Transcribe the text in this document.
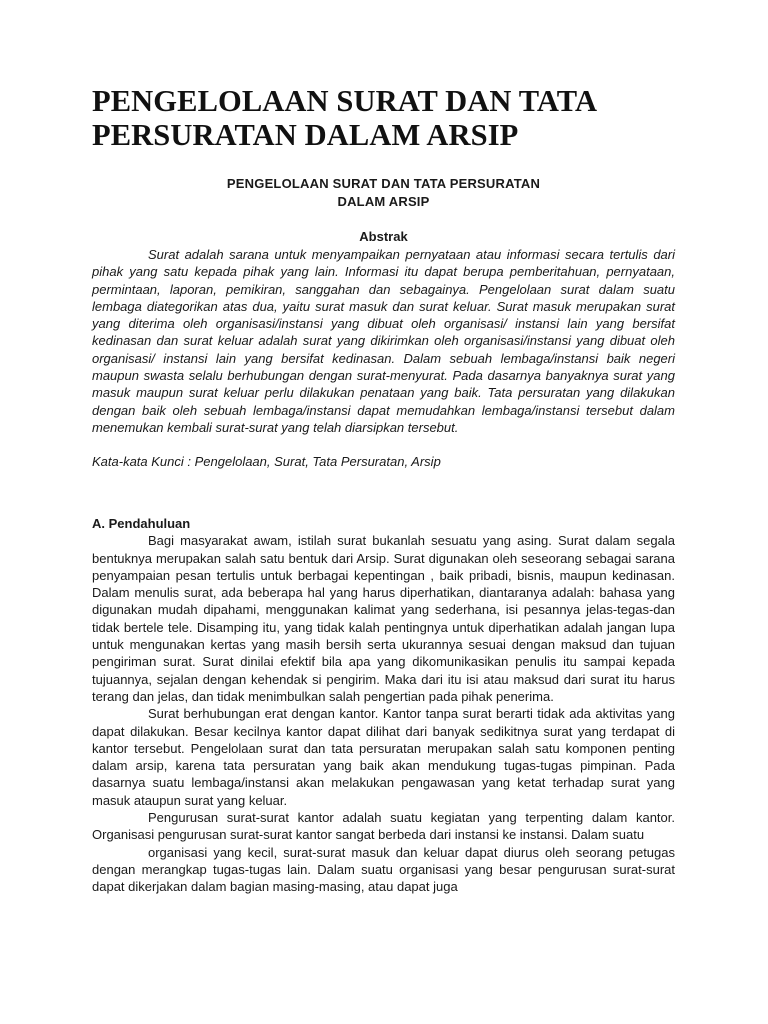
PENGELOLAAN SURAT DAN TATA
PERSURATAN DALAM ARSIP
PENGELOLAAN SURAT DAN TATA PERSURATAN
DALAM ARSIP
Abstrak

Surat adalah sarana untuk menyampaikan pernyataan atau informasi secara tertulis dari pihak yang satu kepada pihak yang lain. Informasi itu dapat berupa pemberitahuan, pernyataan, permintaan, laporan, pemikiran, sanggahan dan sebagainya. Pengelolaan surat dalam suatu lembaga diategorikan atas dua, yaitu surat masuk dan surat keluar. Surat masuk merupakan surat yang diterima oleh organisasi/instansi yang dibuat oleh organisasi/ instansi lain yang bersifat kedinasan dan surat keluar adalah surat yang dikirimkan oleh organisasi/instansi yang dibuat oleh organisasi/ instansi lain yang bersifat kedinasan. Dalam sebuah lembaga/instansi baik negeri maupun swasta selalu berhubungan dengan surat-menyurat. Pada dasarnya banyaknya surat yang masuk maupun surat keluar perlu dilakukan penataan yang baik. Tata persuratan yang dilakukan dengan baik oleh sebuah lembaga/instansi dapat memudahkan lembaga/instansi tersebut dalam menemukan kembali surat-surat yang telah diarsipkan tersebut.

Kata-kata Kunci : Pengelolaan, Surat, Tata Persuratan, Arsip

A. Pendahuluan

Bagi masyarakat awam, istilah surat bukanlah sesuatu yang asing. Surat dalam segala bentuknya merupakan salah satu bentuk dari Arsip. Surat digunakan oleh seseorang sebagai sarana penyampaian pesan tertulis untuk berbagai kepentingan , baik pribadi, bisnis, maupun kedinasan. Dalam menulis surat, ada beberapa hal yang harus diperhatikan, diantaranya adalah: bahasa yang digunakan mudah dipahami, menggunakan kalimat yang sederhana, isi pesannya jelas-tegas-dan tidak bertele tele. Disamping itu, yang tidak kalah pentingnya untuk diperhatikan adalah jangan lupa untuk mengunakan kertas yang masih bersih serta ukurannya sesuai dengan maksud dan tujuan pengiriman surat. Surat dinilai efektif bila apa yang dikomunikasikan penulis itu sampai kepada tujuannya, sejalan dengan kehendak si pengirim. Maka dari itu isi atau maksud dari surat itu harus terang dan jelas, dan tidak menimbulkan salah pengertian pada pihak penerima.

Surat berhubungan erat dengan kantor. Kantor tanpa surat berarti tidak ada aktivitas yang dapat dilakukan. Besar kecilnya kantor dapat dilihat dari banyak sedikitnya surat yang terdapat di kantor tersebut. Pengelolaan surat dan tata persuratan merupakan salah satu komponen penting dalam arsip, karena tata persuratan yang baik akan mendukung tugas-tugas pimpinan. Pada dasarnya suatu lembaga/instansi akan melakukan pengawasan yang ketat terhadap surat yang masuk ataupun surat yang keluar.

Pengurusan surat-surat kantor adalah suatu kegiatan yang terpenting dalam kantor. Organisasi pengurusan surat-surat kantor sangat berbeda dari instansi ke instansi. Dalam suatu

organisasi yang kecil, surat-surat masuk dan keluar dapat diurus oleh seorang petugas dengan merangkap tugas-tugas lain. Dalam suatu organisasi yang besar pengurusan surat-surat dapat dikerjakan dalam bagian masing-masing, atau dapat juga
